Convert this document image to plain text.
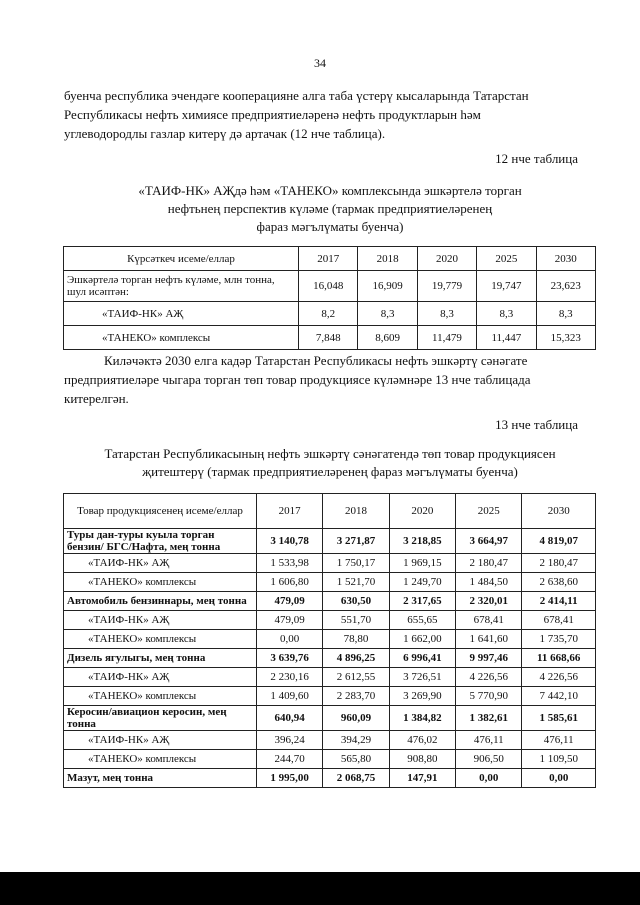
34
буенча республика эчендәге кооперацияне алга таба үстерү кысаларында Татарстан
Республикасы нефть химиясе предприятиеләренә нефть продуктларын һәм
углеводородлы газлар китерү дә артачак (12 нче таблица).
12 нче таблица
«ТАИФ-НК» АҖдә һәм «ТАНЕКО» комплексында эшкәртелә торган
нефтьнең перспектив күләме (тармак предприятиеләренең
фараз мәгълүматы буенча)
Күрсәткеч исеме/еллар	2017	2018	2020	2025	2030
Эшкәртелә торган нефть күләме, млн тонна, шул исәптән:	16,048	16,909	19,779	19,747	23,623
«ТАИФ-НК» АҖ	8,2	8,3	8,3	8,3	8,3
«ТАНЕКО» комплексы	7,848	8,609	11,479	11,447	15,323
Киләчәктә 2030 елга кадәр Татарстан Республикасы нефть эшкәртү сәнәгате
предприятиеләре чыгара торган төп товар продукциясе күләмнәре 13 нче таблицада
китерелгән.
13 нче таблица
Татарстан Республикасының нефть эшкәртү сәнәгатендә төп товар продукциясен
җитештерү (тармак предприятиеләренең фараз мәгълүматы буенча)
Товар продукциясенең исеме/еллар	2017	2018	2020	2025	2030
Туры дан-туры куыла торган бензин/ БГС/Нафта, мең тонна	3 140,78	3 271,87	3 218,85	3 664,97	4 819,07
«ТАИФ-НК» АҖ	1 533,98	1 750,17	1 969,15	2 180,47	2 180,47
«ТАНЕКО» комплексы	1 606,80	1 521,70	1 249,70	1 484,50	2 638,60
Автомобиль бензиннары, мең тонна	479,09	630,50	2 317,65	2 320,01	2 414,11
«ТАИФ-НК» АҖ	479,09	551,70	655,65	678,41	678,41
«ТАНЕКО» комплексы	0,00	78,80	1 662,00	1 641,60	1 735,70
Дизель ягулыгы, мең тонна	3 639,76	4 896,25	6 996,41	9 997,46	11 668,66
«ТАИФ-НК» АҖ	2 230,16	2 612,55	3 726,51	4 226,56	4 226,56
«ТАНЕКО» комплексы	1 409,60	2 283,70	3 269,90	5 770,90	7 442,10
Керосин/авиацион керосин, мең тонна	640,94	960,09	1 384,82	1 382,61	1 585,61
«ТАИФ-НК» АҖ	396,24	394,29	476,02	476,11	476,11
«ТАНЕКО» комплексы	244,70	565,80	908,80	906,50	1 109,50
Мазут, мең тонна	1 995,00	2 068,75	147,91	0,00	0,00
